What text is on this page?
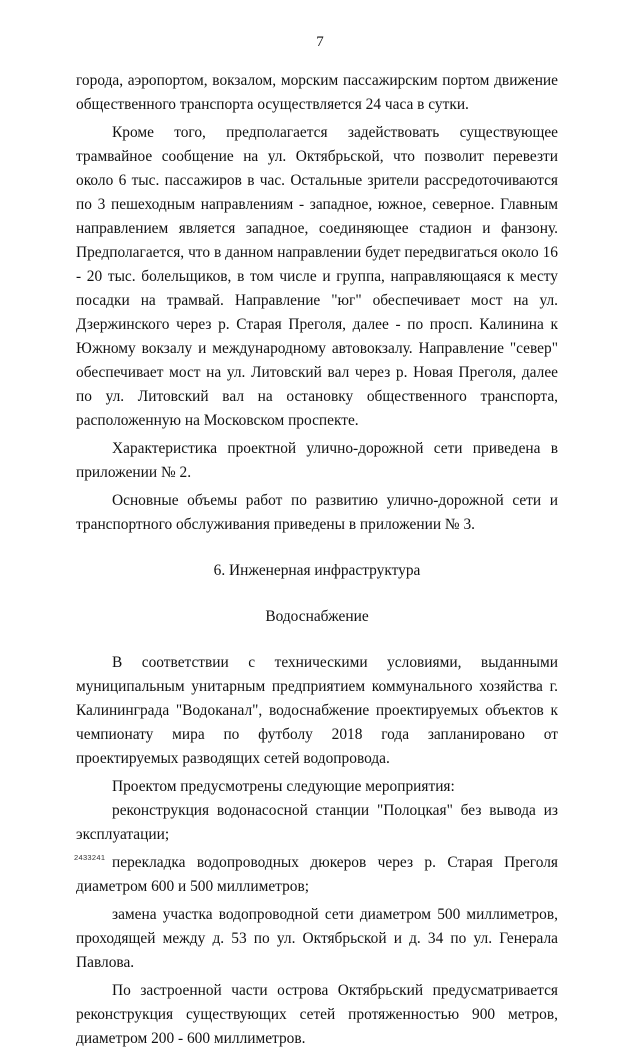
7

города, аэропортом, вокзалом, морским пассажирским портом движение общественного транспорта осуществляется 24 часа в сутки.

Кроме того, предполагается задействовать существующее трамвайное сообщение на ул. Октябрьской, что позволит перевезти около 6 тыс. пассажиров в час. Остальные зрители рассредоточиваются по 3 пешеходным направлениям - западное, южное, северное. Главным направлением является западное, соединяющее стадион и фанзону. Предполагается, что в данном направлении будет передвигаться около 16 - 20 тыс. болельщиков, в том числе и группа, направляющаяся к месту посадки на трамвай. Направление "юг" обеспечивает мост на ул. Дзержинского через р. Старая Преголя, далее - по просп. Калинина к Южному вокзалу и международному автовокзалу. Направление "север" обеспечивает мост на ул. Литовский вал через р. Новая Преголя, далее по ул. Литовский вал на остановку общественного транспорта, расположенную на Московском проспекте.

Характеристика проектной улично-дорожной сети приведена в приложении № 2.

Основные объемы работ по развитию улично-дорожной сети и транспортного обслуживания приведены в приложении № 3.

6. Инженерная инфраструктура

Водоснабжение

В соответствии с техническими условиями, выданными муниципальным унитарным предприятием коммунального хозяйства г. Калининграда "Водоканал", водоснабжение проектируемых объектов к чемпионату мира по футболу 2018 года запланировано от проектируемых разводящих сетей водопровода.

Проектом предусмотрены следующие мероприятия:

реконструкция водонасосной станции "Полоцкая" без вывода из эксплуатации;

перекладка водопроводных дюкеров через р. Старая Преголя диаметром 600 и 500 миллиметров;

замена участка водопроводной сети диаметром 500 миллиметров, проходящей между д. 53 по ул. Октябрьской и д. 34 по ул. Генерала Павлова.

По застроенной части острова Октябрьский предусматривается реконструкция существующих сетей протяженностью 900 метров, диаметром 200 - 600 миллиметров.

2433241
